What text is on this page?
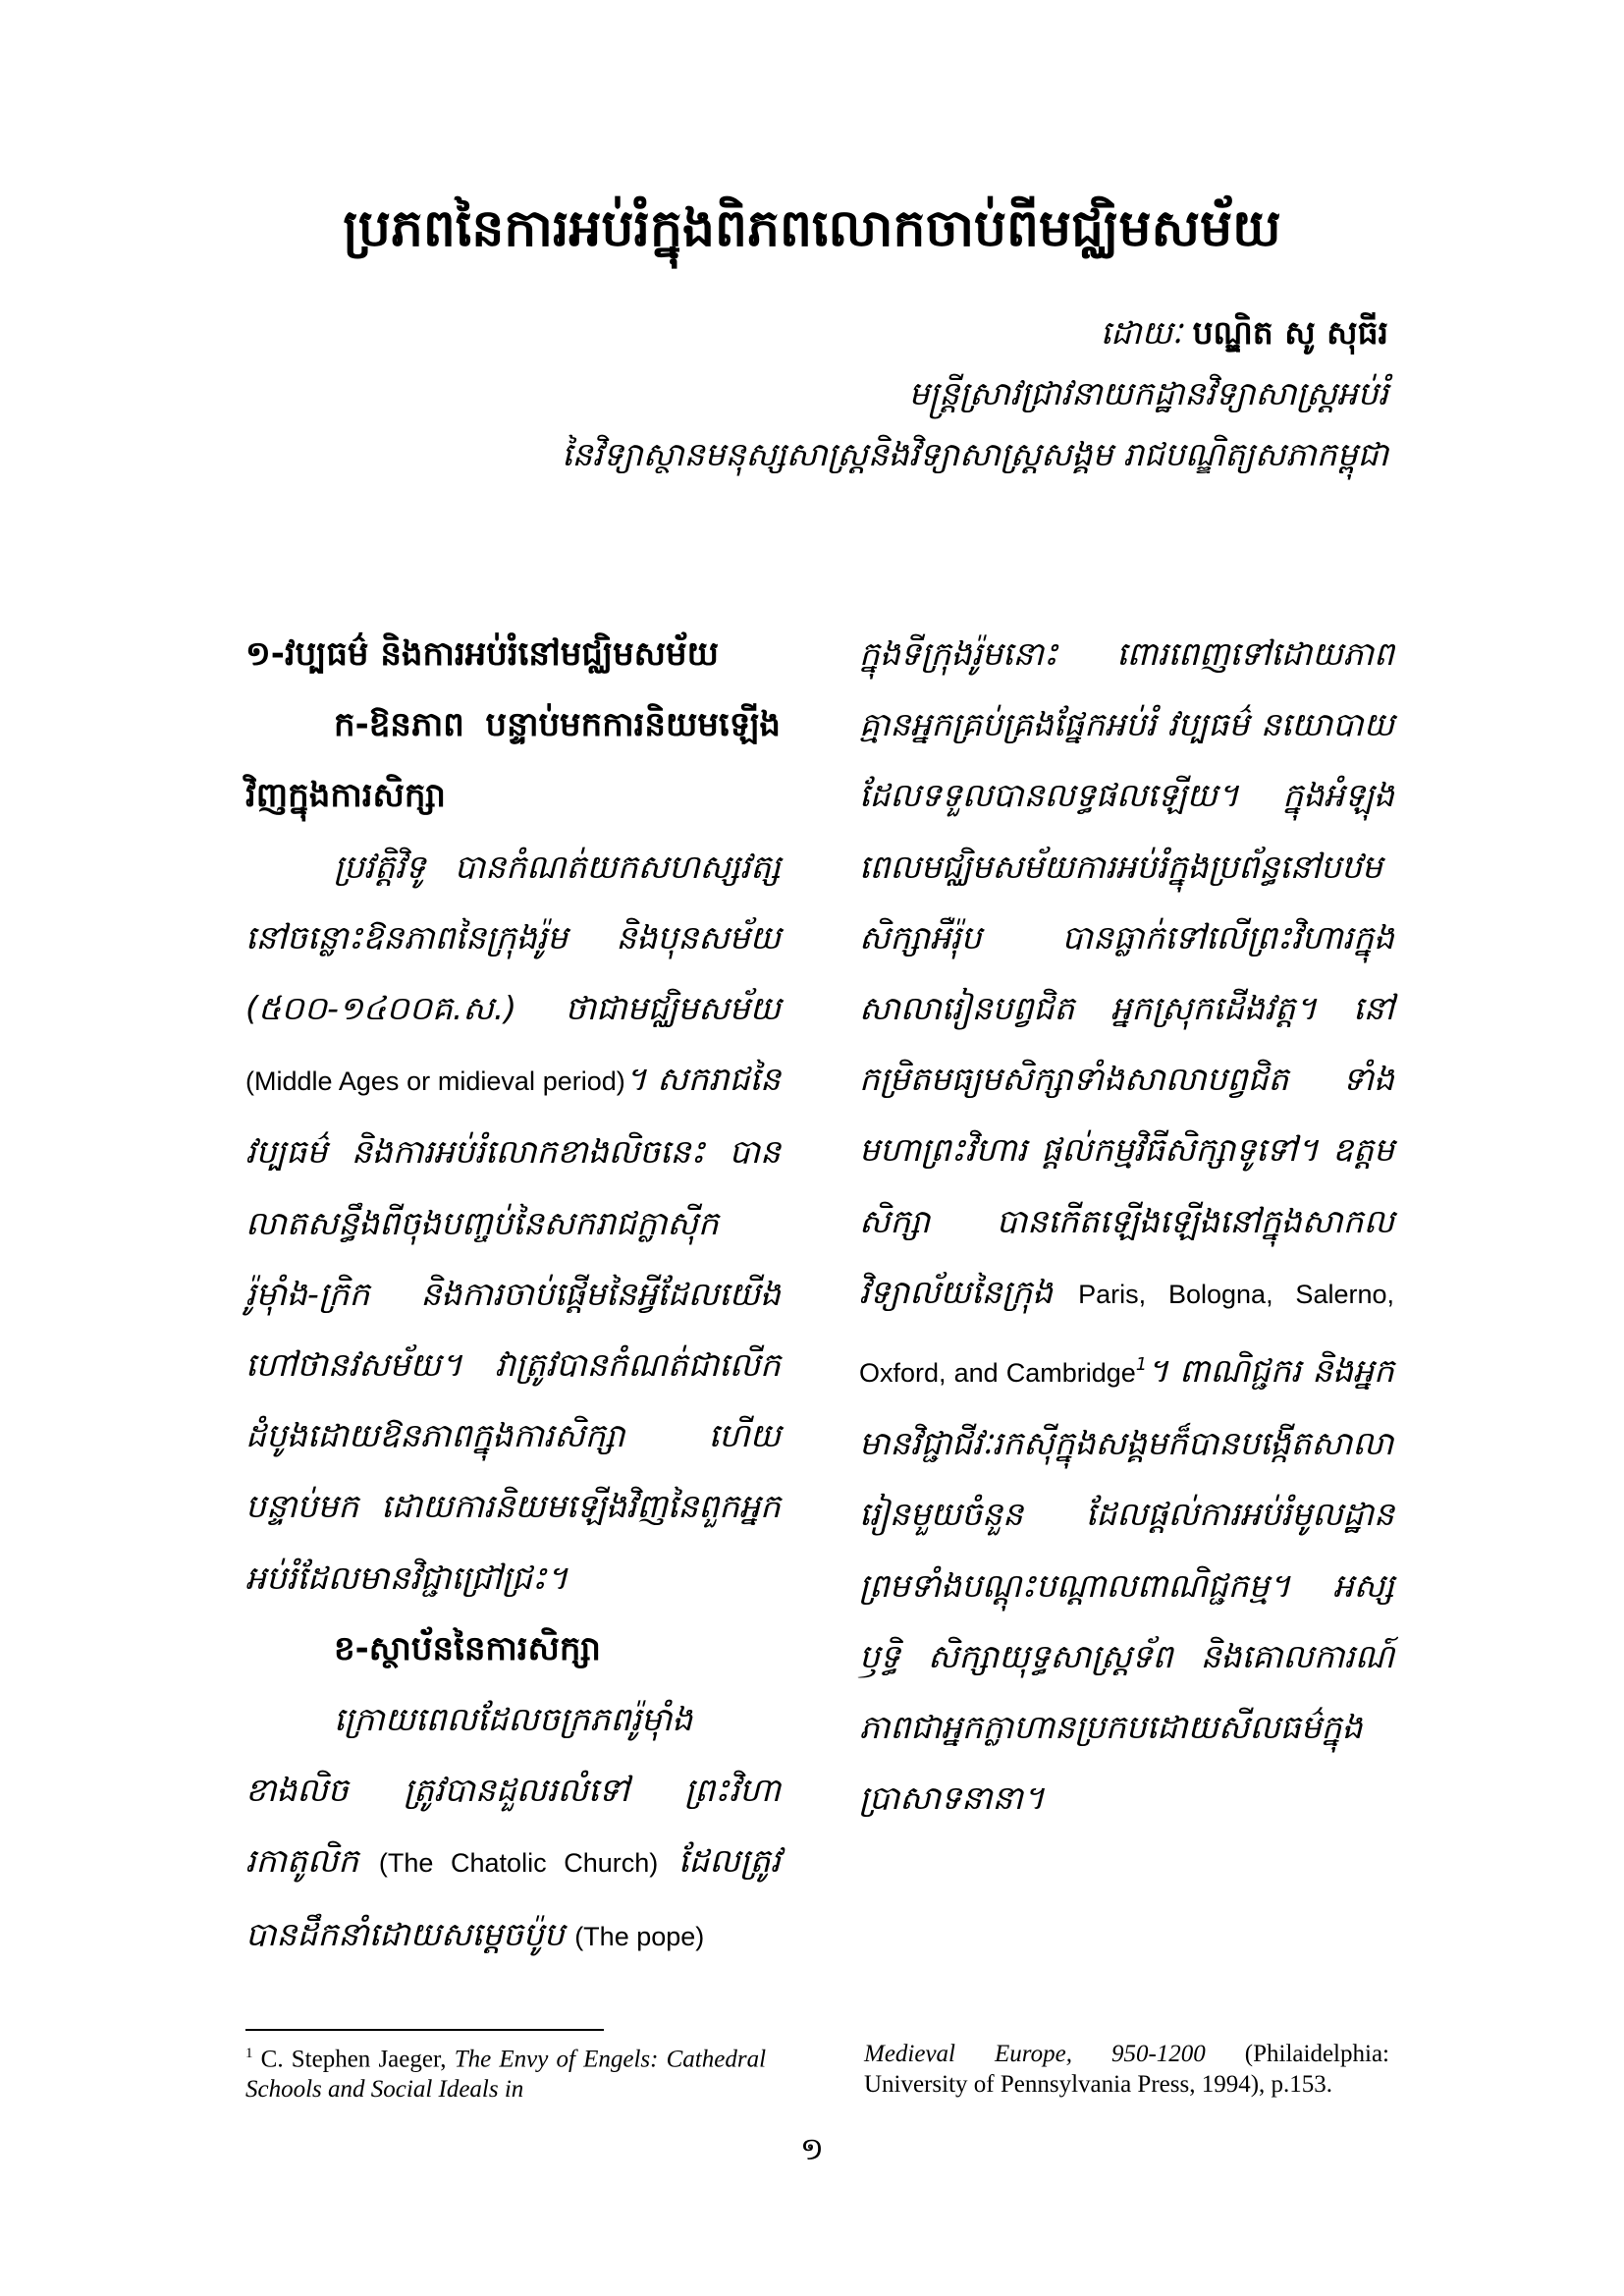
ប្រភពនៃការអប់រំក្នុងពិភពលោកចាប់ពីមជ្ឈិមសម័យ
ដោយៈ បណ្ឌិត សូ សុធីរ
មន្ត្រីស្រាវជ្រាវនាយកដ្ឋានវិទ្យាសាស្ត្រអប់រំ
នៃវិទ្យាស្ថានមនុស្សសាស្ត្រនិងវិទ្យាសាស្ត្រសង្គម រាជបណ្ឌិត្យសភាកម្ពុជា

១-វប្បធម៌ និងការអប់រំនៅមជ្ឈិមសម័យ

ក-ឱនភាព បន្ទាប់មកការនិយមឡើងវិញក្នុងការសិក្សា

ប្រវត្តិវិទូ បានកំណត់យកសហស្សវត្ស នៅចន្លោះឱនភាពនៃក្រុងរ៉ូម និងបុនសម័យ (៥០០-១៤០០គ.ស.) ថាជាមជ្ឈិមសម័យ (Middle Ages or midieval period)។ សករាជនៃវប្បធម៌ និងការអប់រំលោកខាងលិចនេះ បានលាតសន្ធឹងពីចុងបញ្ចប់នៃសករាជក្លាស៊ីករ៉ូម៉ាំង-ក្រិក និងការចាប់ផ្ដើមនៃអ្វីដែលយើងហៅថានវសម័យ។ វាត្រូវបានកំណត់ជាលើកដំបូងដោយឱនភាពក្នុងការសិក្សា ហើយបន្ទាប់មក ដោយការនិយមឡើងវិញនៃពួកអ្នកអប់រំដែលមានវិជ្ជាជ្រៅជ្រះ។

ខ-ស្ថាប័ននៃការសិក្សា

ក្រោយពេលដែលចក្រភពរ៉ូម៉ាំងខាងលិច ត្រូវបានដួលរលំទៅ ព្រះវិហារកាតូលិក (The Chatolic Church) ដែលត្រូវបានដឹកនាំដោយសម្ដេចប៉ូប (The pope)

ក្នុងទីក្រុងរ៉ូមនោះ ពោរពេញទៅដោយភាពគ្មានអ្នកគ្រប់គ្រងផ្នែកអប់រំ វប្បធម៌ នយោបាយ ដែលទទួលបានលទ្ធផលឡើយ។ ក្នុងអំឡុងពេលមជ្ឈិមសម័យការអប់រំក្នុងប្រព័ន្ធនៅបឋមសិក្សាអឺរ៉ុប បានធ្លាក់ទៅលើព្រះវិហារក្នុងសាលារៀនបព្វជិត អ្នកស្រុកដើងវត្ត។ នៅកម្រិតមធ្យមសិក្សាទាំងសាលាបព្វជិត ទាំងមហាព្រះវិហារ ផ្ដល់កម្មវិធីសិក្សាទូទៅ។ ឧត្ដមសិក្សា បានកើតឡើងឡើងនៅក្នុងសាកលវិទ្យាល័យនៃក្រុង Paris, Bologna, Salerno, Oxford, and Cambridge$^1$។ ពាណិជ្ជករ និងអ្នកមានវិជ្ជាជីវៈរកស៊ីក្នុងសង្គមក៏បានបង្កើតសាលារៀនមួយចំនួន ដែលផ្ដល់ការអប់រំមូលដ្ឋាន ព្រមទាំងបណ្ដុះបណ្ដាលពាណិជ្ជកម្ម។ អស្សឫទ្ធិ សិក្សាយុទ្ធសាស្ត្រទ័ព និងគោលការណ៍ ភាពជាអ្នកក្លាហានប្រកបដោយសីលធម៌ក្នុងប្រាសាទនានា។

$^1$ C. Stephen Jaeger, The Envy of Engels: Cathedral Schools and Social Ideals in
Medieval Europe, 950-1200 (Philaidelphia: University of Pennsylvania Press, 1994), p.153.
១
